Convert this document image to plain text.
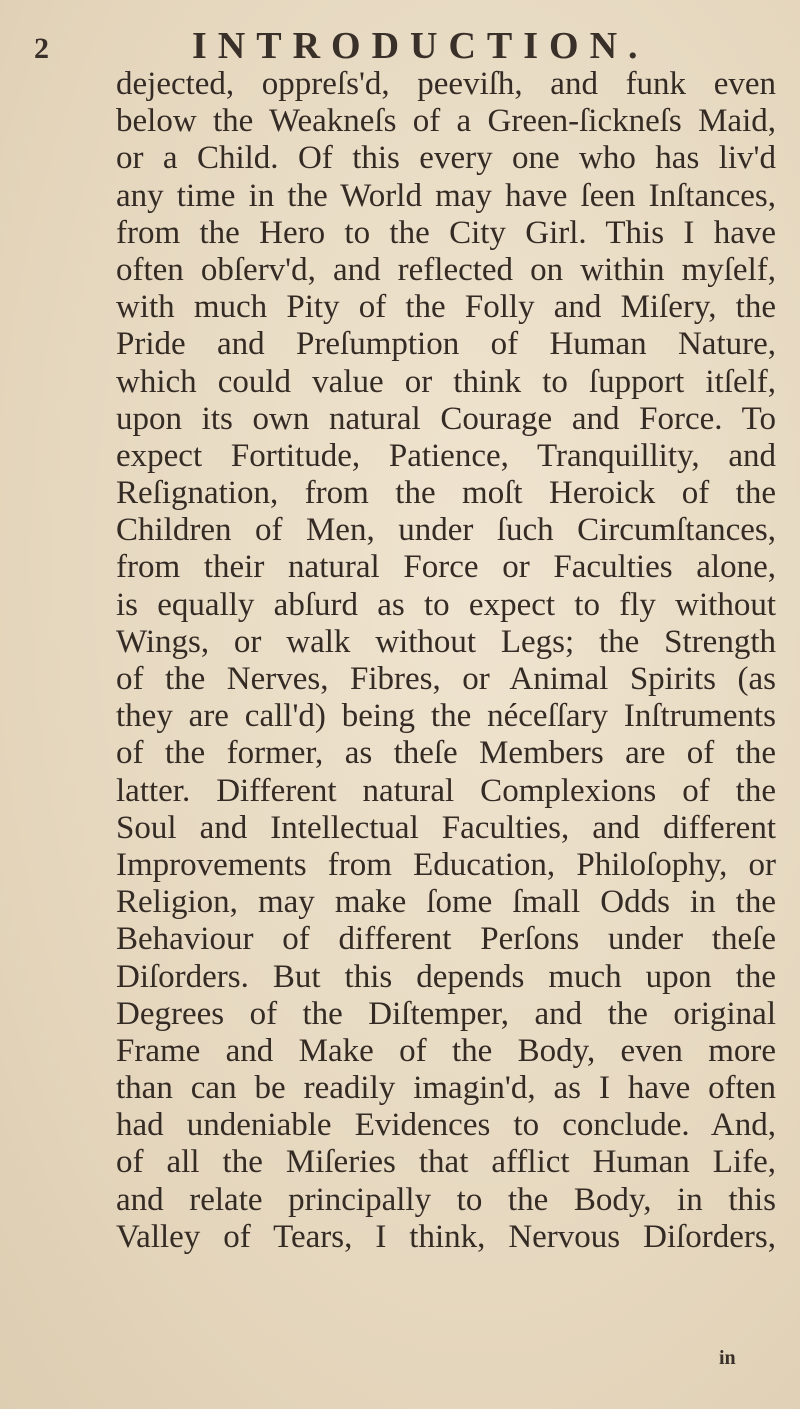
2	INTRODUCTION.
dejected, oppreſs'd, peeviſh, and funk even
below the Weakneſs of a Green-ſickneſs Maid,
or a Child. Of this every one who has liv'd
any time in the World may have ſeen Inſtances,
from the Hero to the City Girl. This I have
often obſerv'd, and reflected on within myſelf,
with much Pity of the Folly and Miſery, the
Pride and Preſumption of Human Nature,
which could value or think to ſupport itſelf,
upon its own natural Courage and Force. To
expect Fortitude, Patience, Tranquillity, and
Reſignation, from the moſt Heroick of the
Children of Men, under ſuch Circumſtances,
from their natural Force or Faculties alone,
is equally abſurd as to expect to fly without
Wings, or walk without Legs; the Strength
of the Nerves, Fibres, or Animal Spirits (as
they are call'd) being the néceſſary Inſtruments
of the former, as theſe Members are of the
latter. Different natural Complexions of the
Soul and Intellectual Faculties, and different
Improvements from Education, Philoſophy, or
Religion, may make ſome ſmall Odds in the
Behaviour of different Perſons under theſe
Diſorders. But this depends much upon the
Degrees of the Diſtemper, and the original
Frame and Make of the Body, even more
than can be readily imagin'd, as I have often
had undeniable Evidences to conclude. And,
of all the Miſeries that afflict Human Life,
and relate principally to the Body, in this
Valley of Tears, I think, Nervous Diſorders,
in
